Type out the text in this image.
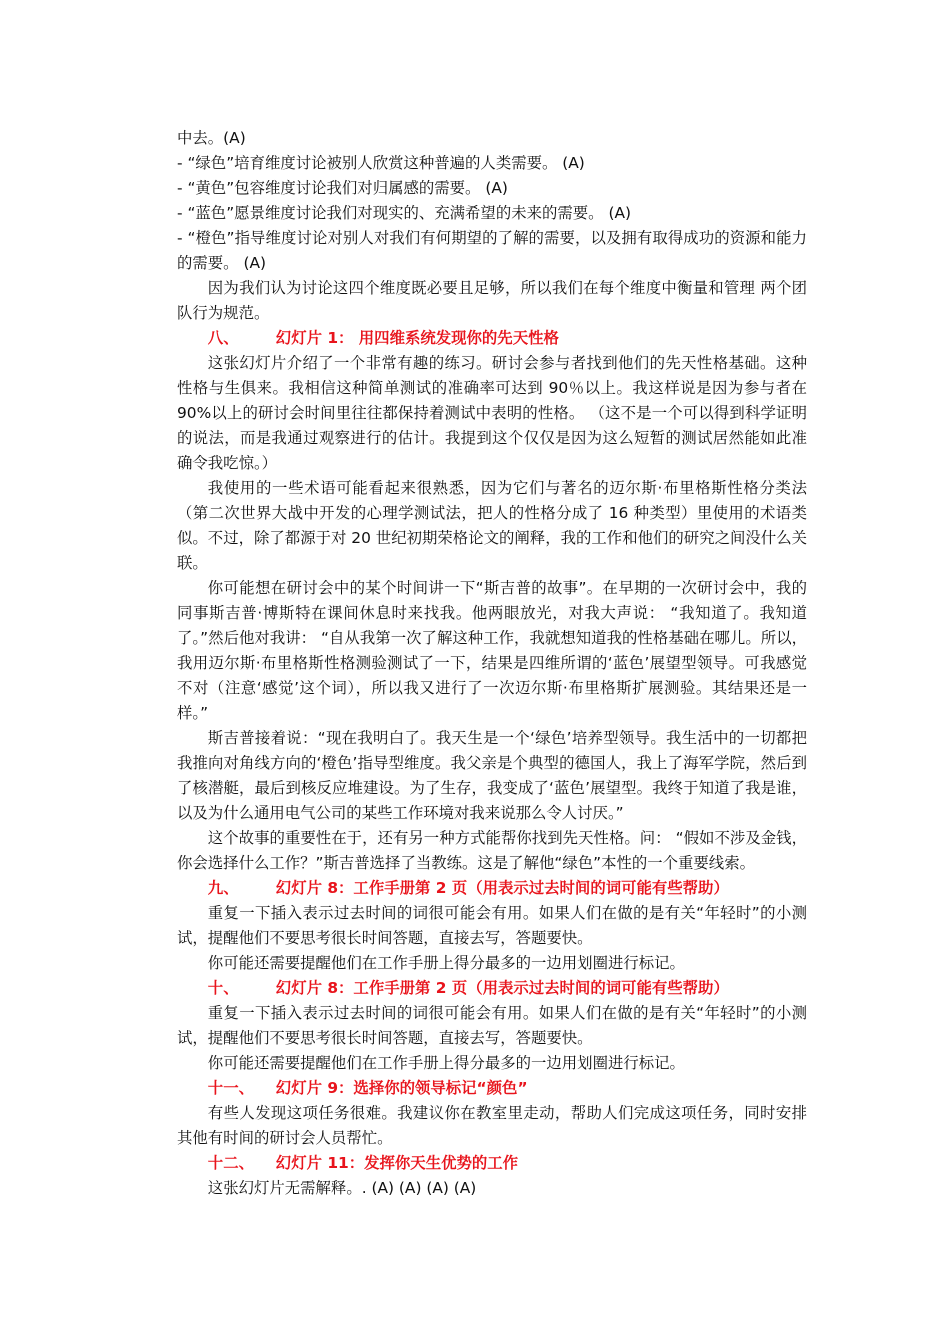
中去。(A)

- “绿色”培育维度讨论被别人欣赏这种普遍的人类需要。 (A)

- “黄色”包容维度讨论我们对归属感的需要。 (A)

- “蓝色”愿景维度讨论我们对现实的、充满希望的未来的需要。 (A)

- “橙色”指导维度讨论对别人对我们有何期望的了解的需要，以及拥有取得成功的资源和能力的需要。 (A)

因为我们认为讨论这四个维度既必要且足够，所以我们在每个维度中衡量和管理 两个团队行为规范。

八、 幻灯片 1： 用四维系统发现你的先天性格

这张幻灯片介绍了一个非常有趣的练习。研讨会参与者找到他们的先天性格基础。这种性格与生俱来。我相信这种简单测试的准确率可达到 90％以上。我这样说是因为参与者在 90%以上的研讨会时间里往往都保持着测试中表明的性格。 （这不是一个可以得到科学证明的说法，而是我通过观察进行的估计。我提到这个仅仅是因为这么短暂的测试居然能如此准确令我吃惊。）

我使用的一些术语可能看起来很熟悉，因为它们与著名的迈尔斯·布里格斯性格分类法（第二次世界大战中开发的心理学测试法，把人的性格分成了 16 种类型）里使用的术语类似。不过，除了都源于对 20 世纪初期荣格论文的阐释，我的工作和他们的研究之间没什么关联。

你可能想在研讨会中的某个时间讲一下“斯吉普的故事”。在早期的一次研讨会中，我的同事斯吉普·博斯特在课间休息时来找我。他两眼放光，对我大声说： “我知道了。我知道了。”然后他对我讲： “自从我第一次了解这种工作，我就想知道我的性格基础在哪儿。所以，我用迈尔斯·布里格斯性格测验测试了一下，结果是四维所谓的‘蓝色’展望型领导。可我感觉不对（注意‘感觉’这个词），所以我又进行了一次迈尔斯·布里格斯扩展测验。其结果还是一样。”

斯吉普接着说：“现在我明白了。我天生是一个‘绿色’培养型领导。我生活中的一切都把我推向对角线方向的‘橙色’指导型维度。我父亲是个典型的德国人，我上了海军学院，然后到了核潜艇，最后到核反应堆建设。为了生存，我变成了‘蓝色’展望型。我终于知道了我是谁，以及为什么通用电气公司的某些工作环境对我来说那么令人讨厌。”

这个故事的重要性在于，还有另一种方式能帮你找到先天性格。问： “假如不涉及金钱，你会选择什么工作？”斯吉普选择了当教练。这是了解他“绿色”本性的一个重要线索。

九、 幻灯片 8：工作手册第 2 页（用表示过去时间的词可能有些帮助）

重复一下插入表示过去时间的词很可能会有用。如果人们在做的是有关“年轻时”的小测试，提醒他们不要思考很长时间答题，直接去写，答题要快。

你可能还需要提醒他们在工作手册上得分最多的一边用划圈进行标记。

十、 幻灯片 8：工作手册第 2 页（用表示过去时间的词可能有些帮助）

重复一下插入表示过去时间的词很可能会有用。如果人们在做的是有关“年轻时”的小测试，提醒他们不要思考很长时间答题，直接去写，答题要快。

你可能还需要提醒他们在工作手册上得分最多的一边用划圈进行标记。

十一、 幻灯片 9：选择你的领导标记“颜色”

有些人发现这项任务很难。我建议你在教室里走动，帮助人们完成这项任务，同时安排其他有时间的研讨会人员帮忙。

十二、 幻灯片 11：发挥你天生优势的工作

这张幻灯片无需解释。. (A) (A) (A) (A)
